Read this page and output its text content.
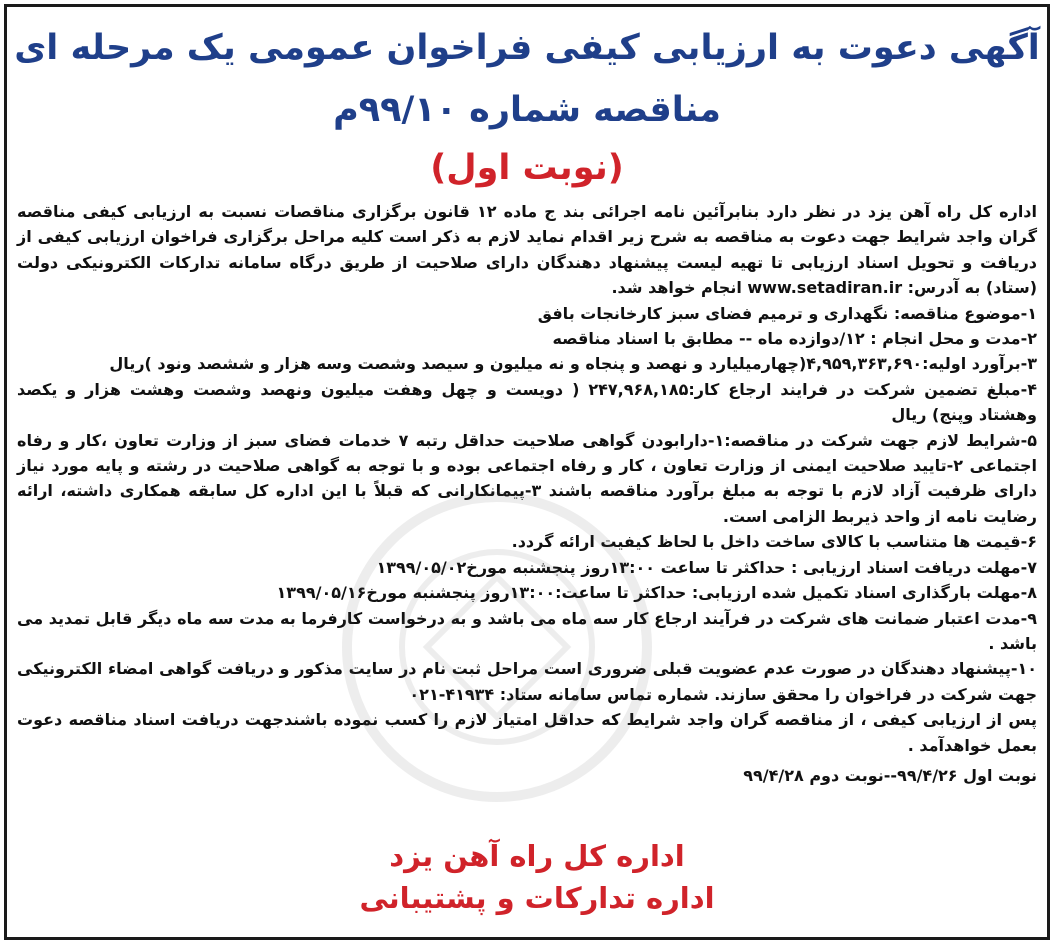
آگهی دعوت به ارزیابی کیفی فراخوان عمومی یک مرحله ای
مناقصه شماره ۹۹/۱۰م
(نوبت اول)

اداره کل راه آهن یزد در نظر دارد بنابرآئین نامه اجرائی بند ج ماده ۱۲ قانون برگزاری مناقصات نسبت به ارزیابی کیفی مناقصه گران واجد شرایط جهت دعوت به مناقصه به شرح زیر اقدام نماید لازم به ذکر است کلیه مراحل برگزاری فراخوان ارزیابی کیفی از دریافت و تحویل اسناد ارزیابی تا تهیه لیست پیشنهاد دهندگان دارای صلاحیت از طریق درگاه سامانه تدارکات الکترونیکی دولت (ستاد) به آدرس: www.setadiran.ir انجام خواهد شد.

۱-موضوع مناقصه: نگهداری و ترمیم فضای سبز کارخانجات بافق

۲-مدت و محل انجام : ۱۲/دوازده ماه -- مطابق با اسناد مناقصه

۳-برآورد اولیه:۴,۹۵۹,۳۶۳,۶۹۰(چهارمیلیارد و نهصد و پنجاه و نه میلیون و سیصد وشصت وسه هزار و ششصد ونود )ریال

۴-مبلغ تضمین شرکت در فرایند ارجاع کار:۲۴۷,۹۶۸,۱۸۵ ( دویست و چهل وهفت میلیون ونهصد وشصت وهشت هزار و یکصد وهشتاد وپنج) ریال

۵-شرایط لازم جهت شرکت در مناقصه:۱-دارابودن گواهی صلاحیت حداقل رتبه ۷ خدمات فضای سبز از وزارت تعاون ،کار و رفاه اجتماعی ۲-تایید صلاحیت ایمنی از وزارت تعاون ، کار و رفاه اجتماعی بوده و با توجه به گواهی صلاحیت در رشته و پایه مورد نیاز دارای ظرفیت آزاد لازم با توجه به مبلغ برآورد مناقصه باشند ۳-پیمانکارانی که قبلاً با این اداره کل سابقه همکاری داشته، ارائه رضایت نامه از واحد ذیربط الزامی است.

۶-قیمت ها متناسب با کالای ساخت داخل با لحاظ کیفیت ارائه گردد.

۷-مهلت دریافت اسناد ارزیابی : حداکثر تا ساعت ۱۳:۰۰روز پنجشنبه مورخ۱۳۹۹/۰۵/۰۲

۸-مهلت بارگذاری اسناد تکمیل شده ارزیابی: حداکثر تا ساعت:۱۳:۰۰روز پنجشنبه مورخ۱۳۹۹/۰۵/۱۶

۹-مدت اعتبار ضمانت های شرکت در فرآیند ارجاع کار سه ماه می باشد و به درخواست کارفرما به مدت سه ماه دیگر قابل تمدید می باشد .

۱۰-پیشنهاد دهندگان در صورت عدم عضویت قبلی ضروری است مراحل ثبت نام در سایت مذکور و دریافت گواهی امضاء الکترونیکی جهت شرکت در فراخوان را محقق سازند. شماره تماس سامانه ستاد: ۴۱۹۳۴-۰۲۱

پس از ارزیابی کیفی ، از مناقصه گران واجد شرایط که حداقل امتیاز لازم را کسب نموده باشندجهت دریافت اسناد مناقصه دعوت بعمل خواهدآمد .

نوبت اول ۹۹/۴/۲۶--نوبت دوم ۹۹/۴/۲۸
اداره کل راه آهن یزد
اداره تدارکات و پشتیبانی
